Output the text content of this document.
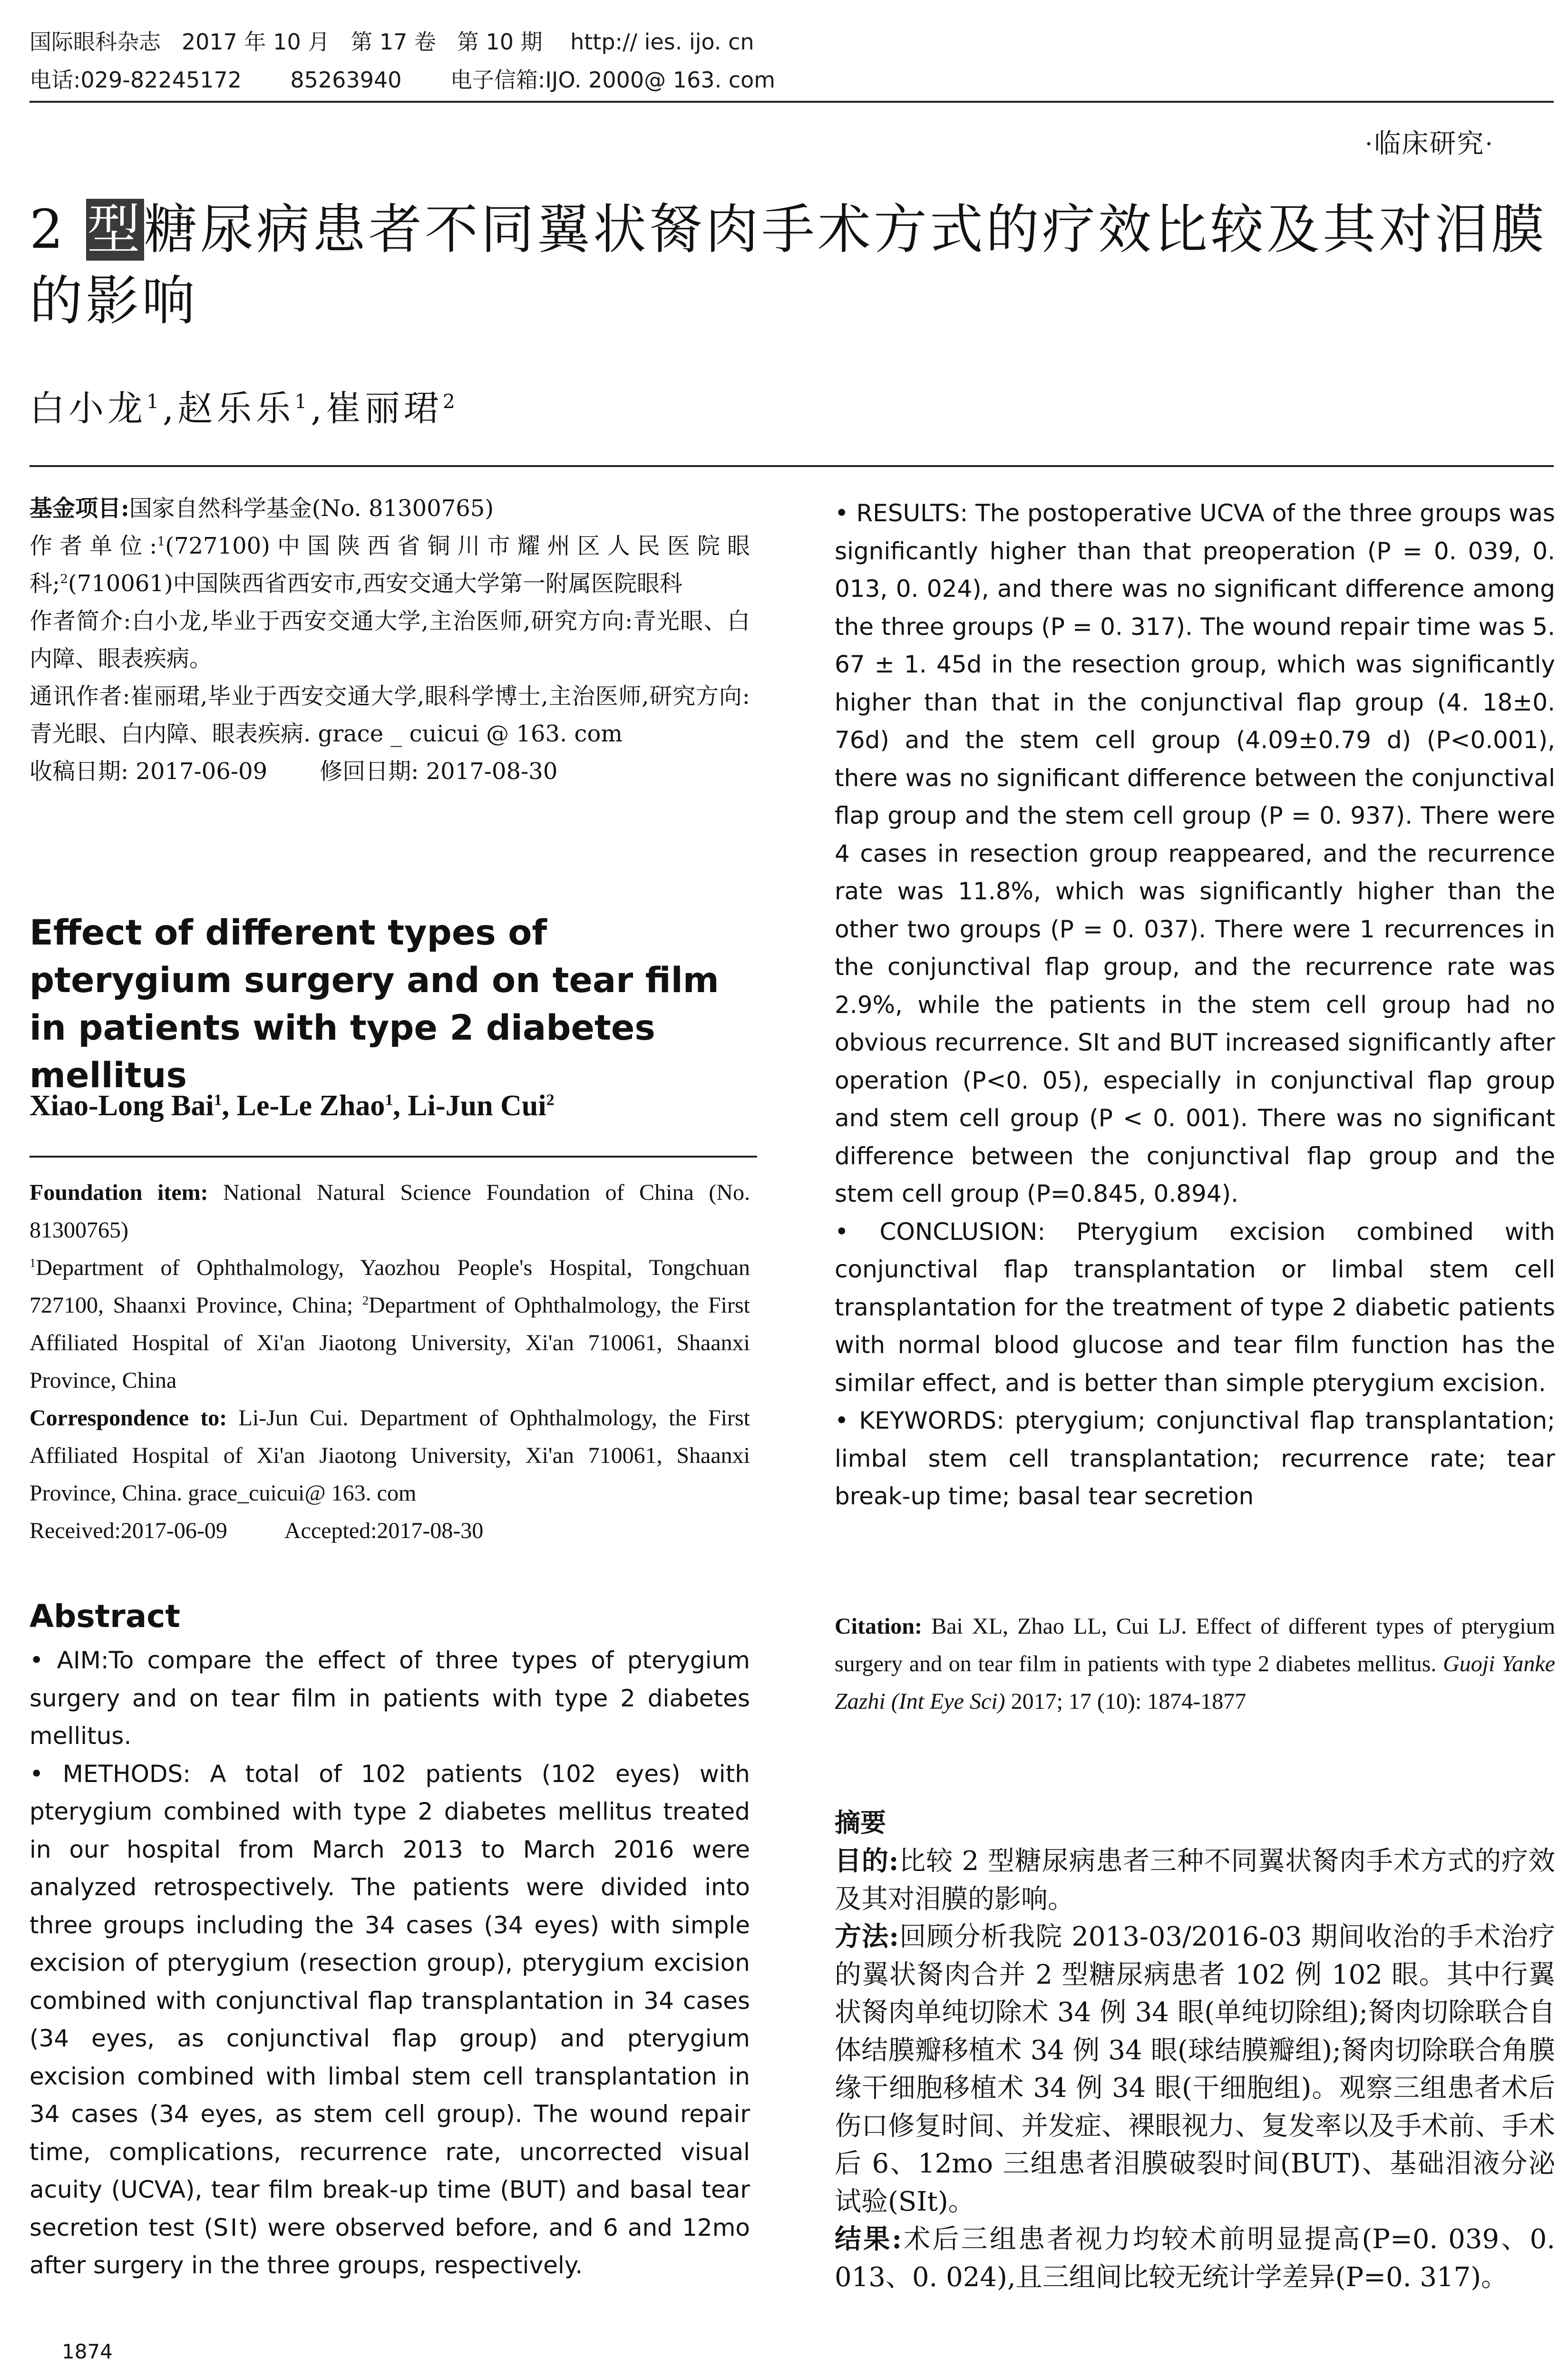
国际眼科杂志   2017 年 10 月   第 17 卷   第 10 期    http:// ies. ijo. cn
电话:029-82245172       85263940       电子信箱:IJO. 2000@ 163. com
·临床研究·
2 型糖尿病患者不同翼状胬肉手术方式的疗效比较及其对泪膜的影响
白小龙$^1$,赵乐乐$^1$,崔丽珺$^2$

基金项目:国家自然科学基金(No. 81300765)

作者单位:$^1$(727100)中国陕西省铜川市耀州区人民医院眼科;$^2$(710061)中国陕西省西安市,西安交通大学第一附属医院眼科

作者简介:白小龙,毕业于西安交通大学,主治医师,研究方向:青光眼、白内障、眼表疾病。

通讯作者:崔丽珺,毕业于西安交通大学,眼科学博士,主治医师,研究方向:青光眼、白内障、眼表疾病. grace _ cuicui @ 163. com

收稿日期: 2017-06-09 修回日期: 2017-08-30

Effect of different types of pterygium surgery and on tear film in patients with type 2 diabetes mellitus
Xiao-Long Bai$^1$, Le-Le Zhao$^1$, Li-Jun Cui$^2$

Foundation item: National Natural Science Foundation of China (No. 81300765)

$^1$Department of Ophthalmology, Yaozhou People's Hospital, Tongchuan 727100, Shaanxi Province, China; $^2$Department of Ophthalmology, the First Affiliated Hospital of Xi'an Jiaotong University, Xi'an 710061, Shaanxi Province, China

Correspondence to: Li-Jun Cui. Department of Ophthalmology, the First Affiliated Hospital of Xi'an Jiaotong University, Xi'an 710061, Shaanxi Province, China. grace_cuicui@ 163. com

Received:2017-06-09	Accepted:2017-08-30

Abstract

• AIM:To compare the effect of three types of pterygium surgery and on tear film in patients with type 2 diabetes mellitus.

• METHODS: A total of 102 patients (102 eyes) with pterygium combined with type 2 diabetes mellitus treated in our hospital from March 2013 to March 2016 were analyzed retrospectively. The patients were divided into three groups including the 34 cases (34 eyes) with simple excision of pterygium (resection group), pterygium excision combined with conjunctival flap transplantation in 34 cases (34 eyes, as conjunctival flap group) and pterygium excision combined with limbal stem cell transplantation in 34 cases (34 eyes, as stem cell group). The wound repair time, complications, recurrence rate, uncorrected visual acuity (UCVA), tear film break-up time (BUT) and basal tear secretion test (SⅠt) were observed before, and 6 and 12mo after surgery in the three groups, respectively.

• RESULTS: The postoperative UCVA of the three groups was significantly higher than that preoperation (P = 0. 039, 0. 013, 0. 024), and there was no significant difference among the three groups (P = 0. 317). The wound repair time was 5. 67 ± 1. 45d in the resection group, which was significantly higher than that in the conjunctival flap group (4. 18±0. 76d) and the stem cell group (4.09±0.79 d) (P<0.001), there was no significant difference between the conjunctival flap group and the stem cell group (P = 0. 937). There were 4 cases in resection group reappeared, and the recurrence rate was 11.8%, which was significantly higher than the other two groups (P = 0. 037). There were 1 recurrences in the conjunctival flap group, and the recurrence rate was 2.9%, while the patients in the stem cell group had no obvious recurrence. SⅠt and BUT increased significantly after operation (P<0. 05), especially in conjunctival flap group and stem cell group (P < 0. 001). There was no significant difference between the conjunctival flap group and the stem cell group (P=0.845, 0.894).

• CONCLUSION: Pterygium excision combined with conjunctival flap transplantation or limbal stem cell transplantation for the treatment of type 2 diabetic patients with normal blood glucose and tear film function has the similar effect, and is better than simple pterygium excision.

• KEYWORDS: pterygium; conjunctival flap transplantation; limbal stem cell transplantation; recurrence rate; tear break-up time; basal tear secretion

Citation: Bai XL, Zhao LL, Cui LJ. Effect of different types of pterygium surgery and on tear film in patients with type 2 diabetes mellitus. Guoji Yanke Zazhi (Int Eye Sci) 2017; 17 (10): 1874-1877
摘要

目的:比较 2 型糖尿病患者三种不同翼状胬肉手术方式的疗效及其对泪膜的影响。

方法:回顾分析我院 2013-03/2016-03 期间收治的手术治疗的翼状胬肉合并 2 型糖尿病患者 102 例 102 眼。其中行翼状胬肉单纯切除术 34 例 34 眼(单纯切除组);胬肉切除联合自体结膜瓣移植术 34 例 34 眼(球结膜瓣组);胬肉切除联合角膜缘干细胞移植术 34 例 34 眼(干细胞组)。观察三组患者术后伤口修复时间、并发症、裸眼视力、复发率以及手术前、手术后 6、12mo 三组患者泪膜破裂时间(BUT)、基础泪液分泌试验(SⅠt)。

结果:术后三组患者视力均较术前明显提高(P=0. 039、0. 013、0. 024),且三组间比较无统计学差异(P=0. 317)。

1874
